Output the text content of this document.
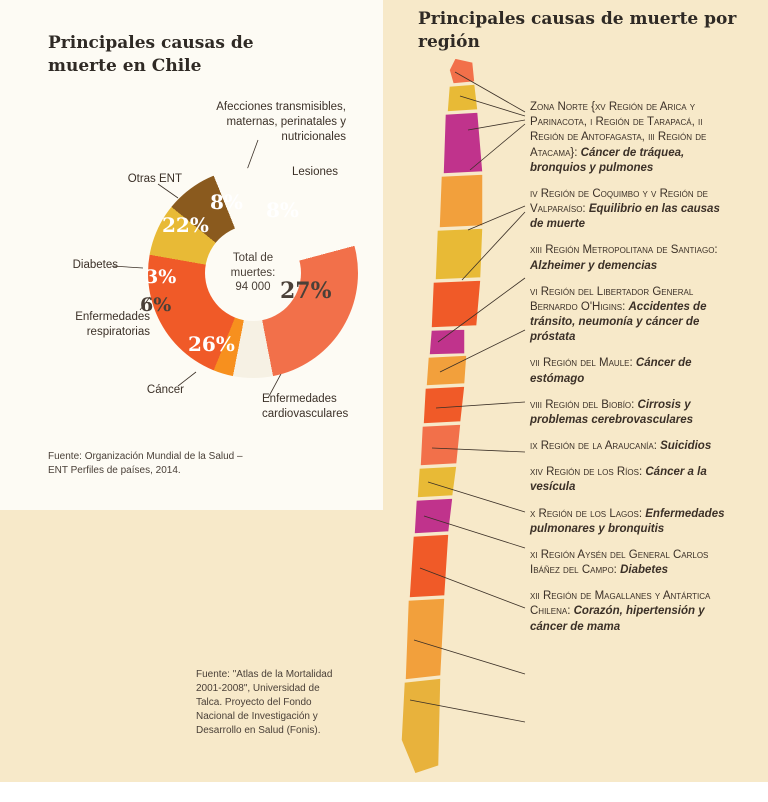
Principales causas de muerte en Chile
Total de
muertes:
94 000
8% 8%
22%
3%
6%
26%
27%
Afecciones transmisibles, maternas, perinatales y nutricionales
Lesiones
Otras ENT
Diabetes
Enfermedades respiratorias
Cáncer
Enfermedades cardiovasculares
Fuente: Organización Mundial de la Salud – ENT Perfiles de países, 2014.
Principales causas de muerte por región
Zona Norte {xv Región de Arica y Parinacota, i Región de Tarapacá, ii Región de Antofagasta, iii Región de Atacama}: Cáncer de tráquea, bronquios y pulmones
iv Región de Coquimbo y v Región de Valparaíso: Equilibrio en las causas de muerte
xiii Región Metropolitana de Santiago: Alzheimer y demencias
vi Región del Libertador General Bernardo O'Higins: Accidentes de tránsito, neumonía y cáncer de próstata
vii Región del Maule: Cáncer de estómago
viii Región del Biobío: Cirrosis y problemas cerebrovasculares
ix Región de la Araucanía: Suicidios
xiv Región de los Ríos: Cáncer a la vesícula
x Región de los Lagos: Enfermedades pulmonares y bronquitis
xi Región Aysén del General Carlos Ibáñez del Campo: Diabetes
xii Región de Magallanes y Antártica Chilena: Corazón, hipertensión y cáncer de mama
Fuente: "Atlas de la Mortalidad 2001-2008", Universidad de Talca. Proyecto del Fondo Nacional de Investigación y Desarrollo en Salud (Fonis).
